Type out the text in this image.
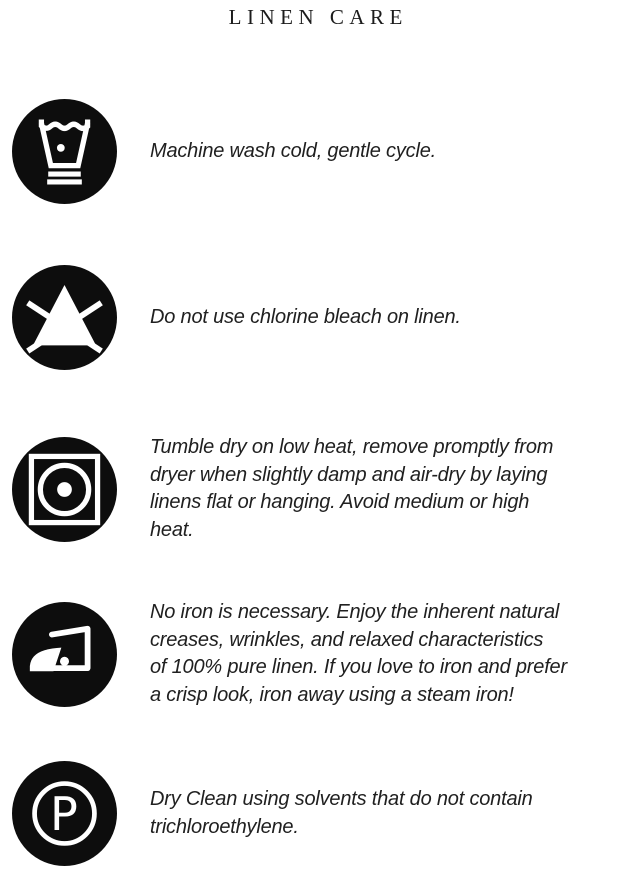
LINEN CARE
Machine wash cold, gentle cycle.
Do not use chlorine bleach on linen.
Tumble dry on low heat, remove promptly from
dryer when slightly damp and air-dry by laying
linens flat or hanging. Avoid medium or high
heat.
No iron is necessary. Enjoy the inherent natural
creases, wrinkles, and relaxed characteristics
of 100% pure linen. If you love to iron and prefer
a crisp look, iron away using a steam iron!
P	Dry Clean using solvents that do not contain
trichloroethylene.
